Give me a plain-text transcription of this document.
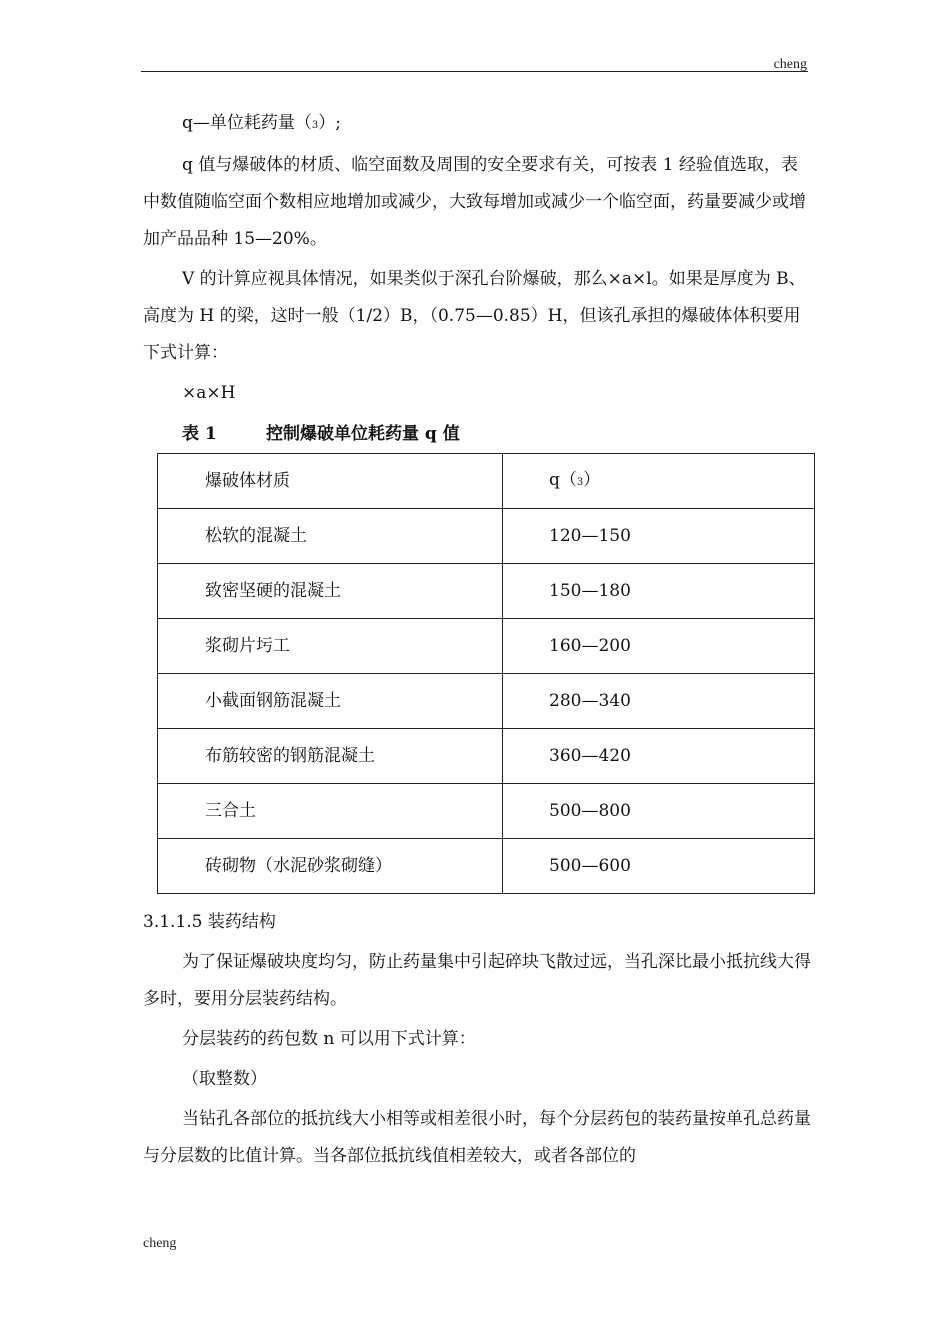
cheng

q—单位耗药量（3）;

q 值与爆破体的材质、临空面数及周围的安全要求有关，可按表 1 经验值选取，表中数值随临空面个数相应地增加或减少，大致每增加或减少一个临空面，药量要减少或增加产品品种 15—20%。

V 的计算应视具体情况，如果类似于深孔台阶爆破，那么×a×l。如果是厚度为 B、高度为 H 的梁，这时一般（1/2）B，（0.75—0.85）H，但该孔承担的爆破体体积要用下式计算：

×a×H

表 1	控制爆破单位耗药量 q 值
爆破体材质	q（3）
松软的混凝土	120—150
致密坚硬的混凝土	150—180
浆砌片圬工	160—200
小截面钢筋混凝土	280—340
布筋较密的钢筋混凝土	360—420
三合土	500—800
砖砌物（水泥砂浆砌缝）	500—600

3.1.1.5 装药结构

为了保证爆破块度均匀，防止药量集中引起碎块飞散过远，当孔深比最小抵抗线大得多时，要用分层装药结构。

分层装药的药包数 n 可以用下式计算：

（取整数）

当钻孔各部位的抵抗线大小相等或相差很小时，每个分层药包的装药量按单孔总药量与分层数的比值计算。当各部位抵抗线值相差较大，或者各部位的

cheng
